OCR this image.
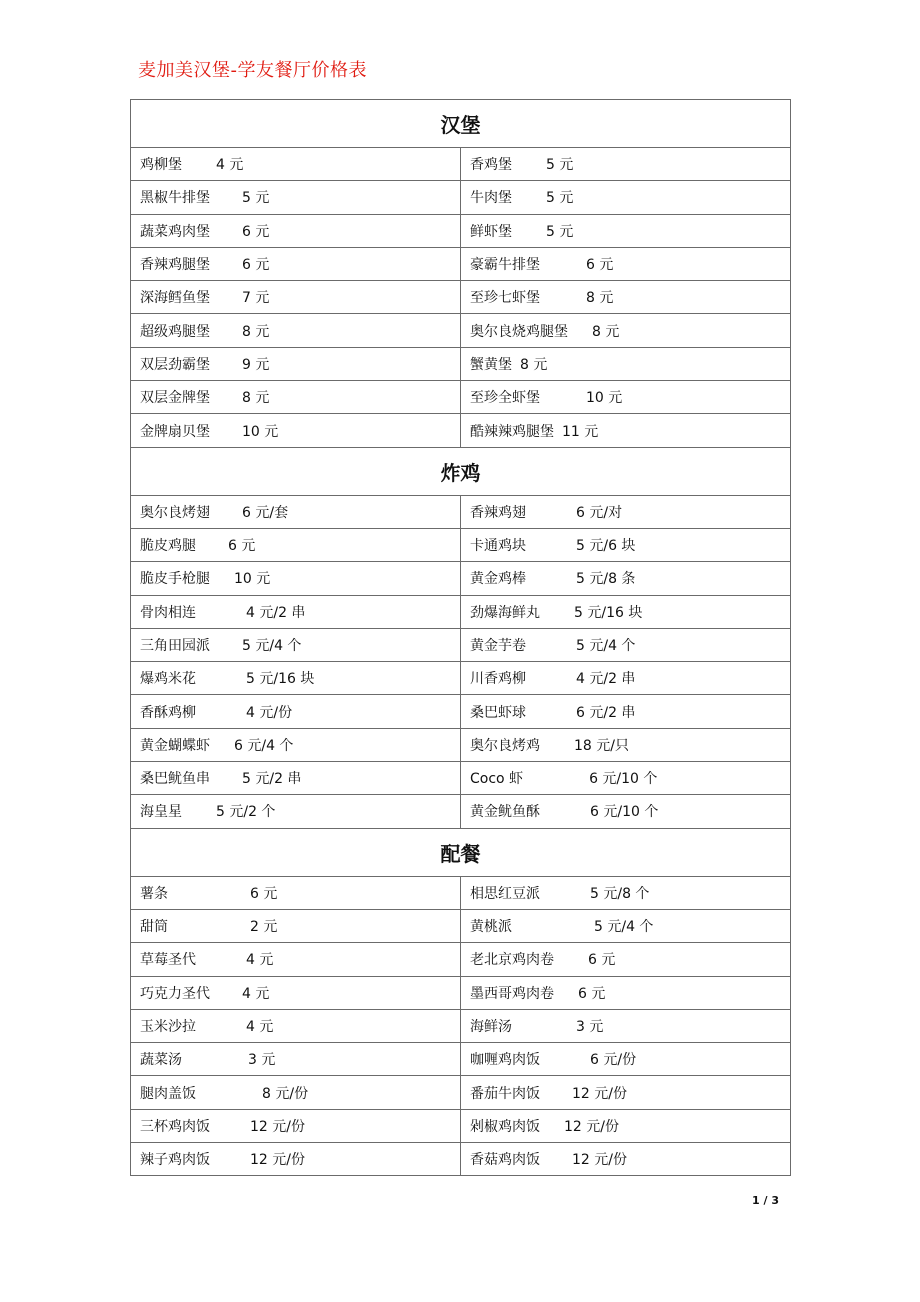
麦加美汉堡-学友餐厅价格表
汉堡	
鸡柳堡 4 元	香鸡堡 5 元
黑椒牛排堡 5 元	牛肉堡 5 元
蔬菜鸡肉堡 6 元	鲜虾堡 5 元
香辣鸡腿堡 6 元	豪霸牛排堡 6 元
深海鳕鱼堡 7 元	至珍七虾堡 8 元
超级鸡腿堡 8 元	奥尔良烧鸡腿堡 8 元
双层劲霸堡 9 元	蟹黄堡 8 元
双层金牌堡 8 元	至珍全虾堡 10 元
金牌扇贝堡 10 元	酷辣辣鸡腿堡 11 元
炸鸡	
奥尔良烤翅 6 元/套	香辣鸡翅 6 元/对
脆皮鸡腿 6 元	卡通鸡块 5 元/6 块
脆皮手枪腿 10 元	黄金鸡棒 5 元/8 条
骨肉相连 4 元/2 串	劲爆海鲜丸 5 元/16 块
三角田园派 5 元/4 个	黄金芋卷 5 元/4 个
爆鸡米花 5 元/16 块	川香鸡柳 4 元/2 串
香酥鸡柳 4 元/份	桑巴虾球 6 元/2 串
黄金蝴蝶虾 6 元/4 个	奥尔良烤鸡 18 元/只
桑巴鱿鱼串 5 元/2 串	Coco 虾 6 元/10 个
海皇星 5 元/2 个	黄金鱿鱼酥 6 元/10 个
配餐	
薯条 6 元	相思红豆派 5 元/8 个
甜筒 2 元	黄桃派 5 元/4 个
草莓圣代 4 元	老北京鸡肉卷 6 元
巧克力圣代 4 元	墨西哥鸡肉卷 6 元
玉米沙拉 4 元	海鲜汤 3 元
蔬菜汤 3 元	咖喱鸡肉饭 6 元/份
腿肉盖饭 8 元/份	番茄牛肉饭 12 元/份
三杯鸡肉饭 12 元/份	剁椒鸡肉饭 12 元/份
辣子鸡肉饭 12 元/份	香菇鸡肉饭 12 元/份
1 / 3
